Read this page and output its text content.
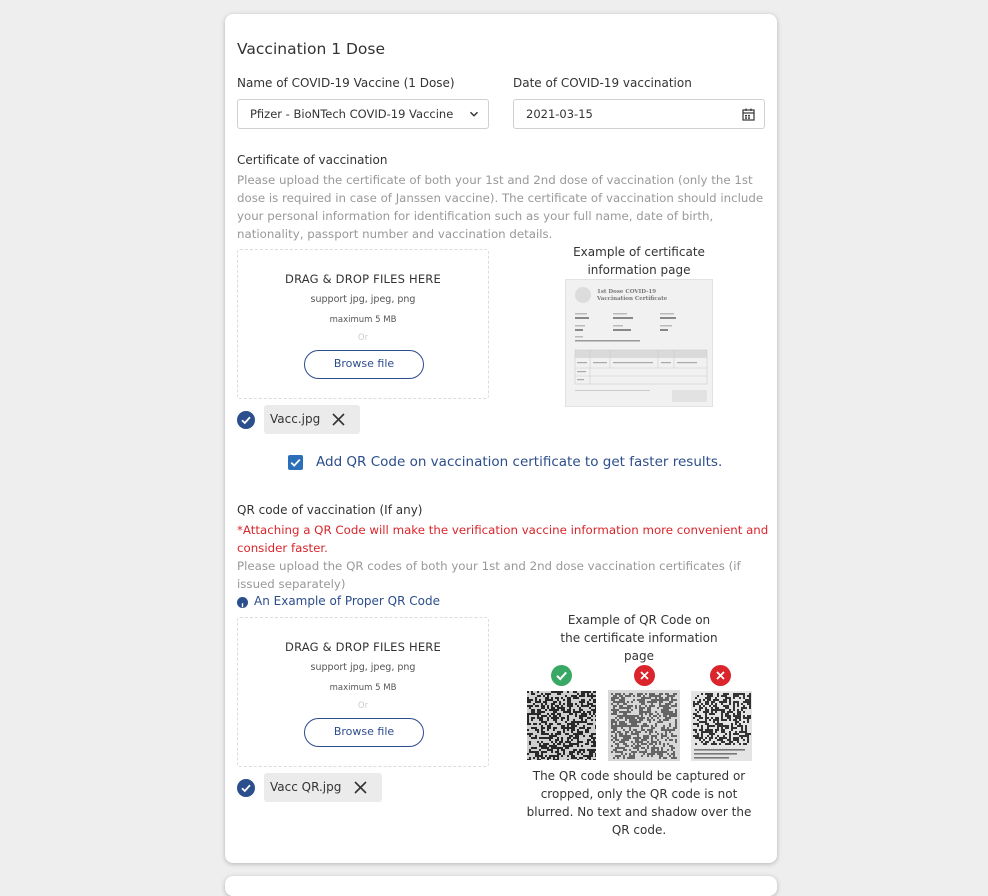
Vaccination 1 Dose
Name of COVID-19 Vaccine (1 Dose)
Pfizer - BioNTech COVID-19 Vaccine
Date of COVID-19 vaccination
2021-03-15
Certificate of vaccination
Please upload the certificate of both your 1st and 2nd dose of vaccination (only the 1st
dose is required in case of Janssen vaccine). The certificate of vaccination should include
your personal information for identification such as your full name, date of birth,
nationality, passport number and vaccination details.
DRAG & DROP FILES HERE
support jpg, jpeg, png
maximum 5 MB
Or
Browse file
Vacc.jpg
Example of certificate
information page
1st Dose COVID-19
Vaccination Certificate
Add QR Code on vaccination certificate to get faster results.
QR code of vaccination (If any)
*Attaching a QR Code will make the verification vaccine information more convenient and
consider faster.
Please upload the QR codes of both your 1st and 2nd dose vaccination certificates (if
issued separately)
An Example of Proper QR Code
DRAG & DROP FILES HERE
support jpg, jpeg, png
maximum 5 MB
Or
Browse file
Vacc QR.jpg
Example of QR Code on
the certificate information
page
The QR code should be captured or
cropped, only the QR code is not
blurred. No text and shadow over the
QR code.
